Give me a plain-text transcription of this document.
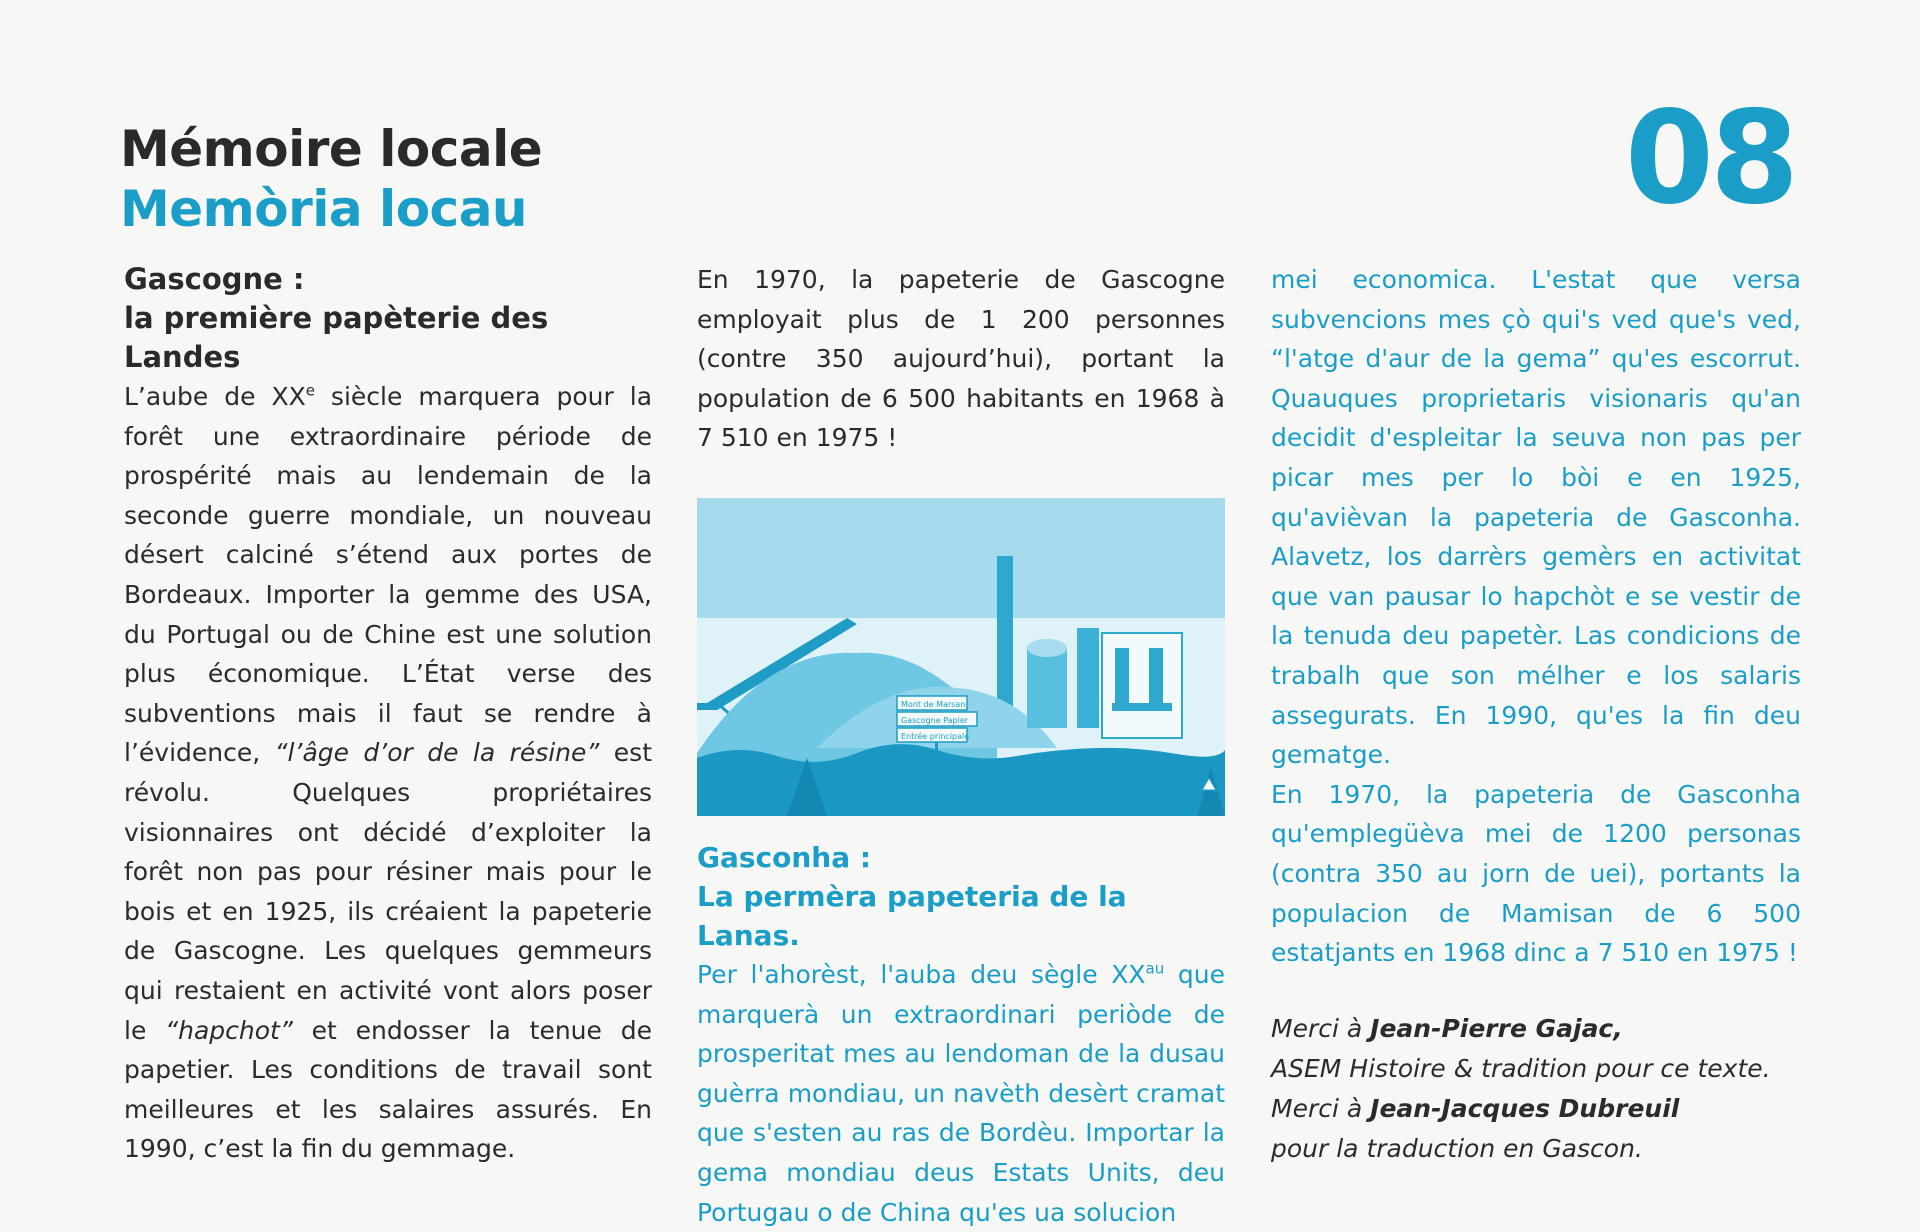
Mémoire locale
Memòria locau	08

Gascogne :
la première papèterie des Landes

L’aube de XXe siècle marquera pour la forêt une extraordinaire période de prospérité mais au lendemain de la seconde guerre mondiale, un nouveau désert calciné s’étend aux portes de Bordeaux. Importer la gemme des USA, du Portugal ou de Chine est une solution plus économique. L’État verse des subventions mais il faut se rendre à l’évidence, “l’âge d’or de la résine” est révolu. Quelques propriétaires visionnaires ont décidé d’exploiter la forêt non pas pour résiner mais pour le bois et en 1925, ils créaient la papeterie de Gascogne. Les quelques gemmeurs qui restaient en activité vont alors poser le “hapchot” et endosser la tenue de papetier. Les conditions de travail sont meilleures et les salaires assurés. En 1990, c’est la fin du gemmage.

En 1970, la papeterie de Gascogne employait plus de 1 200 personnes (contre 350 aujourd’hui), portant la population de 6 500 habitants en 1968 à 7 510 en 1975 !

Mont de Marsan
Gascogne Papier
Entrée principale

Gasconha :
La permèra papeteria de la Lanas.

Per l'ahorèst, l'auba deu sègle $XX^{au}$ que marquerà un extraordinari periòde de prosperitat mes au lendoman de la dusau guèrra mondiau, un navèth desèrt cramat que s'esten au ras de Bordèu. Importar la gema mondiau deus Estats Units, deu Portugau o de China qu'es ua solucion

mei economica. L'estat que versa subvencions mes çò qui's ved que's ved, “l'atge d'aur de la gema” qu'es escorrut. Quauques proprietaris visionaris qu'an decidit d'espleitar la seuva non pas per picar mes per lo bòi e en 1925, qu'avièvan la papeteria de Gasconha. Alavetz, los darrèrs gemèrs en activitat que van pausar lo hapchòt e se vestir de la tenuda deu papetèr. Las condicions de trabalh que son mélher e los salaris assegurats. En 1990, qu'es la fin deu gematge.

En 1970, la papeteria de Gasconha qu'emplegüèva mei de 1200 personas (contra 350 au jorn de uei), portants la populacion de Mamisan de 6 500 estatjants en 1968 dinc a 7 510 en 1975 !

Merci à Jean-Pierre Gajac,
ASEM Histoire & tradition pour ce texte.
Merci à Jean-Jacques Dubreuil
pour la traduction en Gascon.
